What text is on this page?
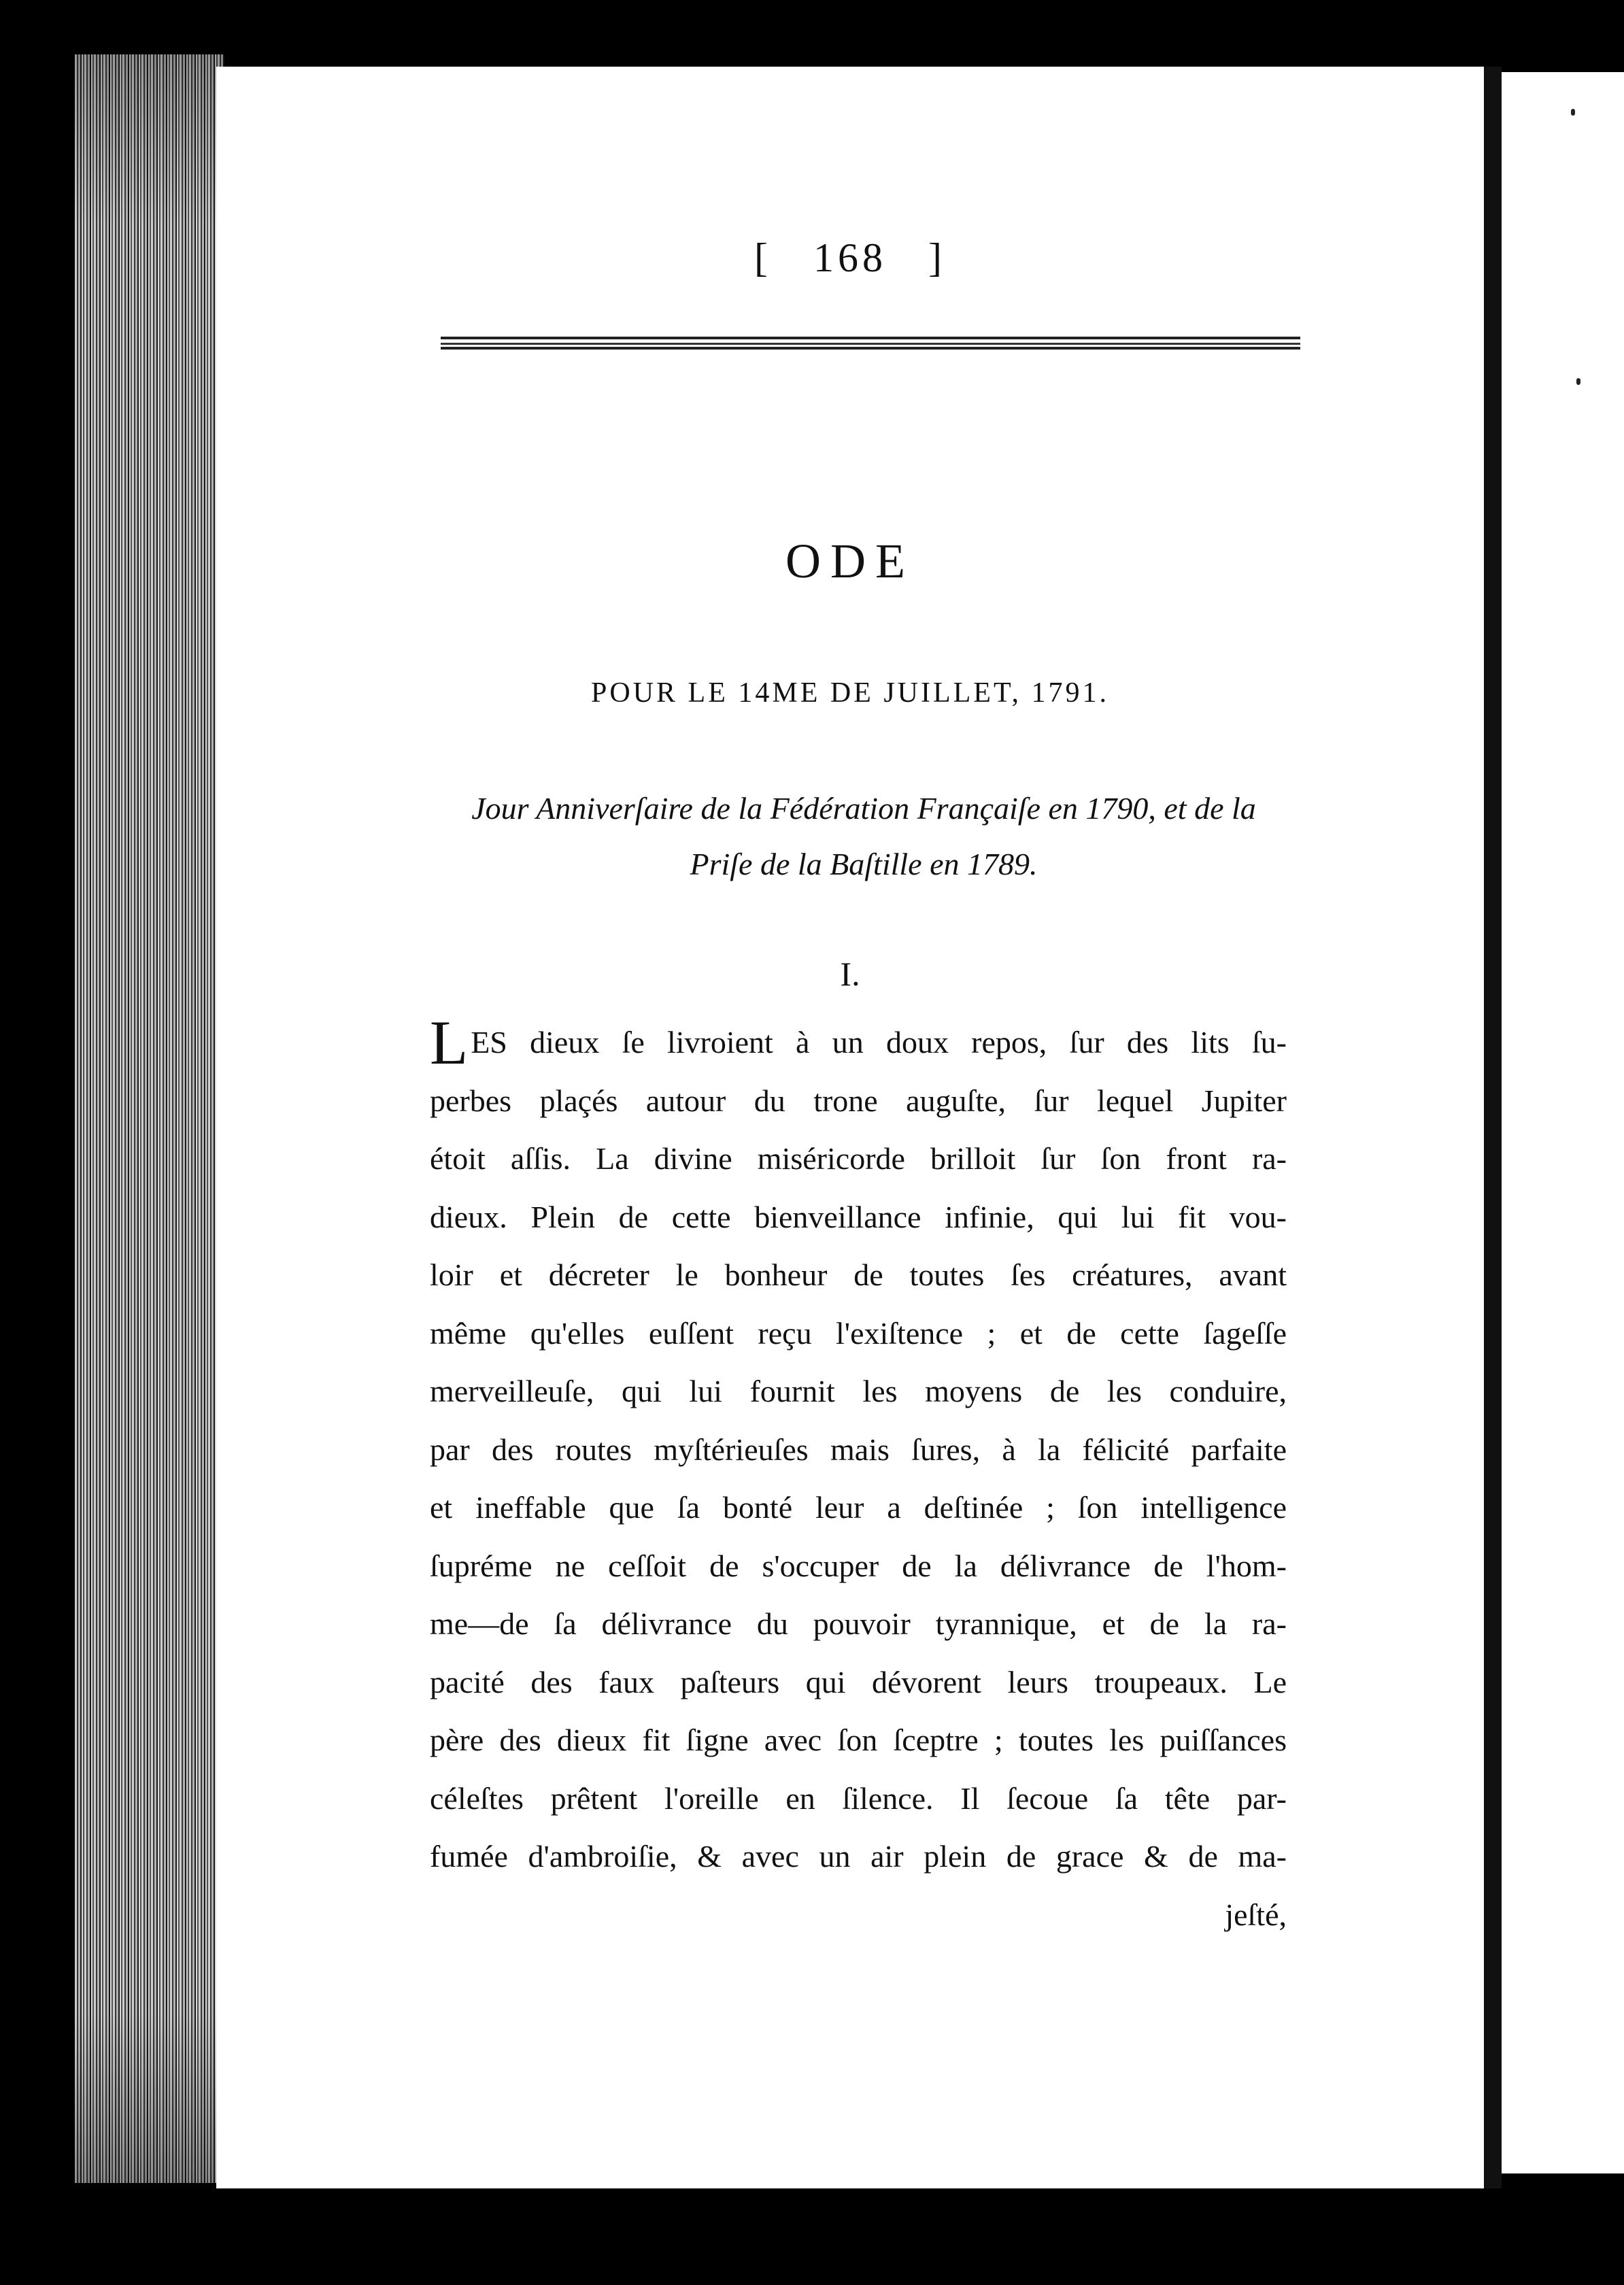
[ 168 ]
ODE
POUR LE 14ME DE JUILLET, 1791.
Jour Anniverſaire de la Fédération Françaiſe en 1790, et de la
Priſe de la Baſtille en 1789.
I.
L ES dieux ſe livroient à un doux repos, ſur des lits ſu-
perbes plaçés autour du trone auguſte, ſur lequel Jupiter
étoit aſſis. La divine miséricorde brilloit ſur ſon front ra-
dieux. Plein de cette bienveillance infinie, qui lui fit vou-
loir et décreter le bonheur de toutes ſes créatures, avant
même qu'elles euſſent reçu l'exiſtence ; et de cette ſageſſe
merveilleuſe, qui lui fournit les moyens de les conduire,
par des routes myſtérieuſes mais ſures, à la félicité parfaite
et ineffable que ſa bonté leur a deſtinée ; ſon intelligence
ſupréme ne ceſſoit de s'occuper de la délivrance de l'hom-
me—de ſa délivrance du pouvoir tyrannique, et de la ra-
pacité des faux paſteurs qui dévorent leurs troupeaux. Le
père des dieux fit ſigne avec ſon ſceptre ; toutes les puiſſances
céleſtes prêtent l'oreille en ſilence. Il ſecoue ſa tête par-
fumée d'ambroiſie, & avec un air plein de grace & de ma-
jeſté,
